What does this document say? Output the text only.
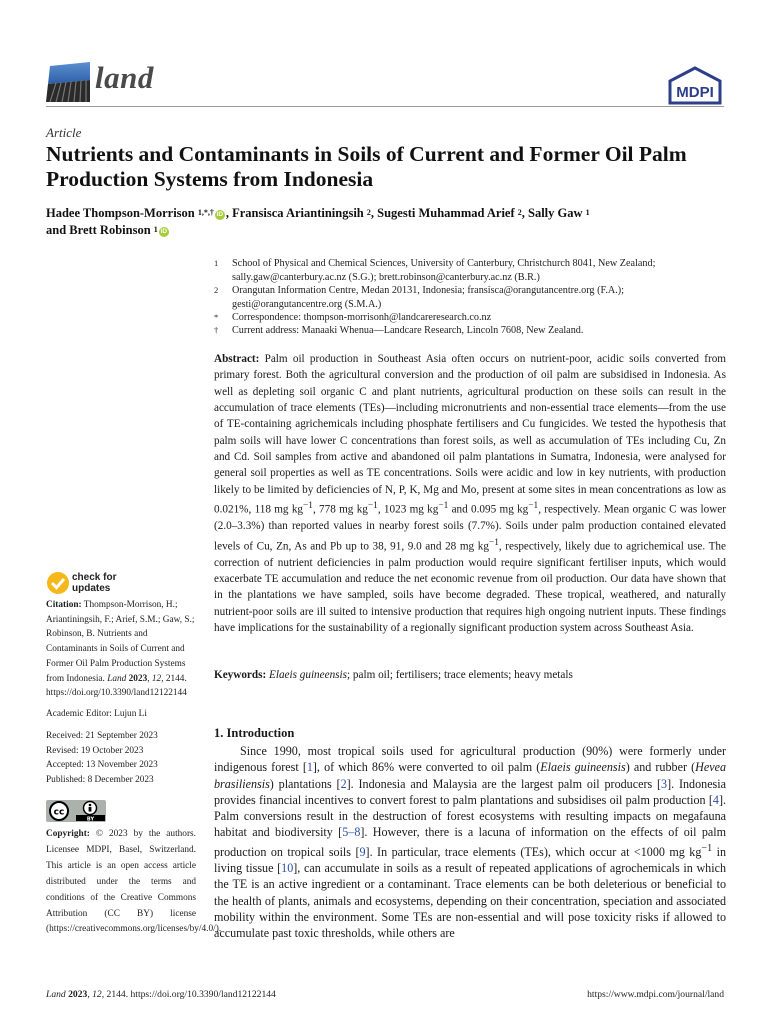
land	MDPI
Article
Nutrients and Contaminants in Soils of Current and Former Oil Palm Production Systems from Indonesia
Hadee Thompson-Morrison $^{1,*,\dagger}$ iD , Fransisca Ariantiningsih $^2$, Sugesti Muhammad Arief $^2$, Sally Gaw $^1$
and Brett Robinson $^1$ iD
1	School of Physical and Chemical Sciences, University of Canterbury, Christchurch 8041, New Zealand; sally.gaw@canterbury.ac.nz (S.G.); brett.robinson@canterbury.ac.nz (B.R.)
2	Orangutan Information Centre, Medan 20131, Indonesia; fransisca@orangutancentre.org (F.A.); gesti@orangutancentre.org (S.M.A.)
*	Correspondence: thompson-morrisonh@landcareresearch.co.nz
†	Current address: Manaaki Whenua—Landcare Research, Lincoln 7608, New Zealand.
Abstract: Palm oil production in Southeast Asia often occurs on nutrient-poor, acidic soils converted from primary forest. Both the agricultural conversion and the production of oil palm are subsidised in Indonesia. As well as depleting soil organic C and plant nutrients, agricultural production on these soils can result in the accumulation of trace elements (TEs)—including micronutrients and non-essential trace elements—from the use of TE-containing agrichemicals including phosphate fertilisers and Cu fungicides. We tested the hypothesis that palm soils will have lower C concentrations than forest soils, as well as accumulation of TEs including Cu, Zn and Cd. Soil samples from active and abandoned oil palm plantations in Sumatra, Indonesia, were analysed for general soil properties as well as TE concentrations. Soils were acidic and low in key nutrients, with production likely to be limited by deficiencies of N, P, K, Mg and Mo, present at some sites in mean concentrations as low as 0.021%, 118 mg $kg^{-1}$, 778 mg $kg^{-1}$, 1023 mg $kg^{-1}$ and 0.095 mg $kg^{-1}$, respectively. Mean organic C was lower (2.0–3.3%) than reported values in nearby forest soils (7.7%). Soils under palm production contained elevated levels of Cu, Zn, As and Pb up to 38, 91, 9.0 and 28 mg $kg^{-1}$, respectively, likely due to agrichemical use. The correction of nutrient deficiencies in palm production would require significant fertiliser inputs, which would exacerbate TE accumulation and reduce the net economic revenue from oil production. Our data have shown that in the plantations we have sampled, soils have become degraded. These tropical, weathered, and naturally nutrient-poor soils are ill suited to intensive production that requires high ongoing nutrient inputs. These findings have implications for the sustainability of a regionally significant production system across Southeast Asia.
Keywords: Elaeis guineensis; palm oil; fertilisers; trace elements; heavy metals
check for
updates
Citation: Thompson-Morrison, H.; Ariantiningsih, F.; Arief, S.M.; Gaw, S.; Robinson, B. Nutrients and Contaminants in Soils of Current and Former Oil Palm Production Systems from Indonesia. Land 2023, 12, 2144. https://doi.org/10.3390/land12122144
Academic Editor: Lujun Li
Received: 21 September 2023
Revised: 19 October 2023
Accepted: 13 November 2023
Published: 8 December 2023
cc
BY
Copyright: © 2023 by the authors. Licensee MDPI, Basel, Switzerland. This article is an open access article distributed under the terms and conditions of the Creative Commons Attribution (CC BY) license (https://creativecommons.org/licenses/by/4.0/).
1. Introduction
Since 1990, most tropical soils used for agricultural production (90%) were formerly under indigenous forest [1], of which 86% were converted to oil palm (Elaeis guineensis) and rubber (Hevea brasiliensis) plantations [2]. Indonesia and Malaysia are the largest palm oil producers [3]. Indonesia provides financial incentives to convert forest to palm plantations and subsidises oil palm production [4]. Palm conversions result in the destruction of forest ecosystems with resulting impacts on megafauna habitat and biodiversity [5–8]. However, there is a lacuna of information on the effects of oil palm production on tropical soils [9]. In particular, trace elements (TEs), which occur at <1000 mg $kg^{-1}$ in living tissue [10], can accumulate in soils as a result of repeated applications of agrochemicals in which the TE is an active ingredient or a contaminant. Trace elements can be both deleterious or beneficial to the health of plants, animals and ecosystems, depending on their concentration, speciation and associated mobility within the environment. Some TEs are non-essential and will pose toxicity risks if allowed to accumulate past toxic thresholds, while others are
Land 2023, 12, 2144. https://doi.org/10.3390/land12122144	https://www.mdpi.com/journal/land
